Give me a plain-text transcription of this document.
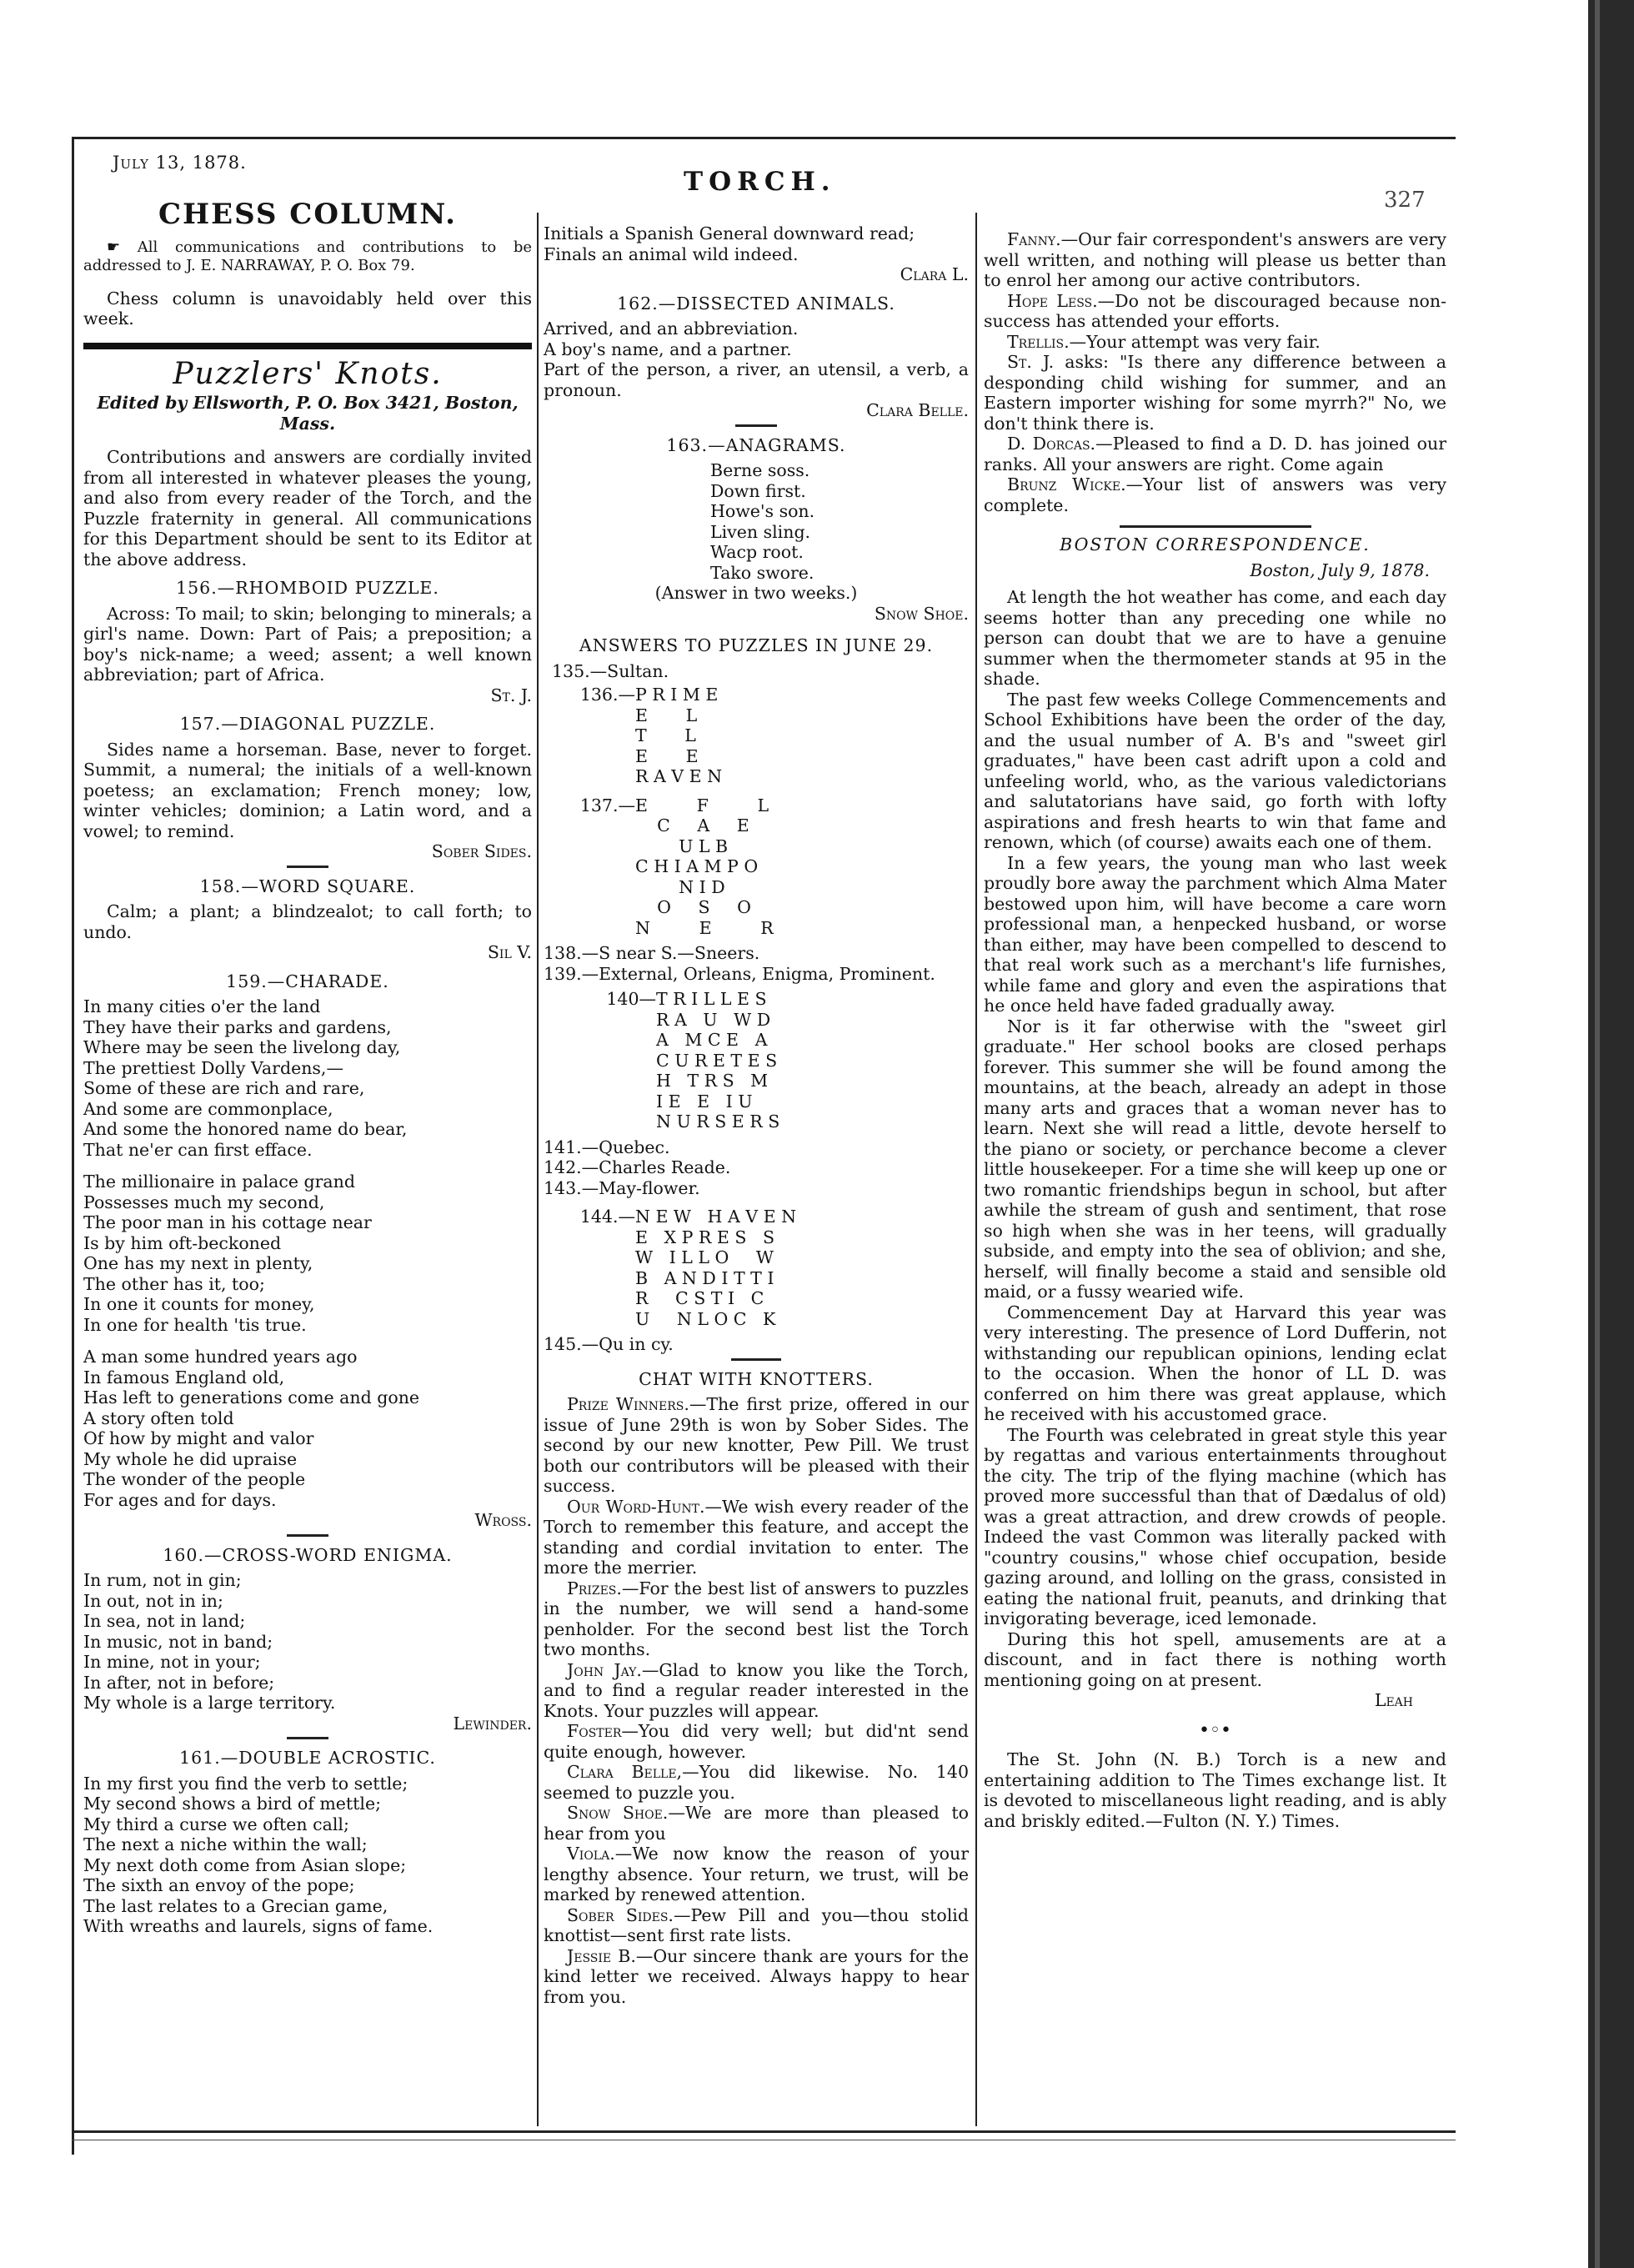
July 13, 1878.
TORCH.
327
CHESS COLUMN.

☛ All communications and contributions to be addressed to J. E. NARRAWAY, P. O. Box 79.

Chess column is unavoidably held over this week.

Puzzlers' Knots.

Edited by Ellsworth, P. O. Box 3421, Boston, Mass.

Contributions and answers are cordially invited from all interested in whatever pleases the young, and also from every reader of the Torch, and the Puzzle fraternity in general. All communications for this Department should be sent to its Editor at the above address.

156.—RHOMBOID PUZZLE.

Across: To mail; to skin; belonging to minerals; a girl's name. Down: Part of Pais; a preposition; a boy's nick-name; a weed; assent; a well known abbreviation; part of Africa.

St. J.

157.—DIAGONAL PUZZLE.

Sides name a horseman. Base, never to forget. Summit, a numeral; the initials of a well-known poetess; an exclamation; French money; low, winter vehicles; dominion; a Latin word, and a vowel; to remind.

Sober Sides.

158.—WORD SQUARE.

Calm; a plant; a blindzealot; to call forth; to undo.

Sil V.

159.—CHARADE.

In many cities o'er the land

They have their parks and gardens,

Where may be seen the livelong day,

The prettiest Dolly Vardens,—

Some of these are rich and rare,

And some are commonplace,

And some the honored name do bear,

That ne'er can first efface.

The millionaire in palace grand

Possesses much my second,

The poor man in his cottage near

Is by him oft-beckoned

One has my next in plenty,

The other has it, too;

In one it counts for money,

In one for health 'tis true.

A man some hundred years ago

In famous England old,

Has left to generations come and gone

A story often told

Of how by might and valor

My whole he did upraise

The wonder of the people

For ages and for days.

Wross.

160.—CROSS-WORD ENIGMA.

In rum, not in gin;

In out, not in in;

In sea, not in land;

In music, not in band;

In mine, not in your;

In after, not in before;

My whole is a large territory.

Lewinder.

161.—DOUBLE ACROSTIC.

In my first you find the verb to settle;

My second shows a bird of mettle;

My third a curse we often call;

The next a niche within the wall;

My next doth come from Asian slope;

The sixth an envoy of the pope;

The last relates to a Grecian game,

With wreaths and laurels, signs of fame.

Initials a Spanish General downward read;

Finals an animal wild indeed.

Clara L.

162.—DISSECTED ANIMALS.

Arrived, and an abbreviation.

A boy's name, and a partner.

Part of the person, a river, an utensil, a verb, a pronoun.

Clara Belle.

163.—ANAGRAMS.

Berne soss.

Down first.

Howe's son.

Liven sling.

Wacp root.

Tako swore.

(Answer in two weeks.)

Snow Shoe.

ANSWERS TO PUZZLES IN JUNE 29.

135.—Sultan.

136.— P R I M E
E       L
T       L
E       E
R A V E N
137.— E         F         L
C     A     E
U L B
C H I A M P O
N I D
O     S     O
N         E         R

138.—S near S.—Sneers.

139.—External, Orleans, Enigma, Prominent.

140— T R I L L E S
R A   U   W D
A   M C E   A
C U R E T E S
H   T R S   M
I E   E   I U
N U R S E R S

141.—Quebec.

142.—Charles Reade.

143.—May-flower.

144.— N E W   H A V E N
E   X P R E S   S
W   I L L O     W
B   A N D I T T I
R     C S T I   C
U     N L O C   K

145.—Qu in cy.

CHAT WITH KNOTTERS.

Prize Winners.—The first prize, offered in our issue of June 29th is won by Sober Sides. The second by our new knotter, Pew Pill. We trust both our contributors will be pleased with their success.

Our Word-Hunt.—We wish every reader of the Torch to remember this feature, and accept the standing and cordial invitation to enter. The more the merrier.

Prizes.—For the best list of answers to puzzles in the number, we will send a hand-some penholder. For the second best list the Torch two months.

John Jay.—Glad to know you like the Torch, and to find a regular reader interested in the Knots. Your puzzles will appear.

Foster—You did very well; but did'nt send quite enough, however.

Clara Belle,—You did likewise. No. 140 seemed to puzzle you.

Snow Shoe.—We are more than pleased to hear from you

Viola.—We now know the reason of your lengthy absence. Your return, we trust, will be marked by renewed attention.

Sober Sides.—Pew Pill and you—thou stolid knottist—sent first rate lists.

Jessie B.—Our sincere thank are yours for the kind letter we received. Always happy to hear from you.

Fanny.—Our fair correspondent's answers are very well written, and nothing will please us better than to enrol her among our active contributors.

Hope Less.—Do not be discouraged because non-success has attended your efforts.

Trellis.—Your attempt was very fair.

St. J. asks: "Is there any difference between a desponding child wishing for summer, and an Eastern importer wishing for some myrrh?" No, we don't think there is.

D. Dorcas.—Pleased to find a D. D. has joined our ranks. All your answers are right. Come again

Brunz Wicke.—Your list of answers was very complete.

BOSTON CORRESPONDENCE.

Boston, July 9, 1878.

At length the hot weather has come, and each day seems hotter than any preceding one while no person can doubt that we are to have a genuine summer when the thermometer stands at 95 in the shade.

The past few weeks College Commencements and School Exhibitions have been the order of the day, and the usual number of A. B's and "sweet girl graduates," have been cast adrift upon a cold and unfeeling world, who, as the various valedictorians and salutatorians have said, go forth with lofty aspirations and fresh hearts to win that fame and renown, which (of course) awaits each one of them.

In a few years, the young man who last week proudly bore away the parchment which Alma Mater bestowed upon him, will have become a care worn professional man, a henpecked husband, or worse than either, may have been compelled to descend to that real work such as a merchant's life furnishes, while fame and glory and even the aspirations that he once held have faded gradually away.

Nor is it far otherwise with the "sweet girl graduate." Her school books are closed perhaps forever. This summer she will be found among the mountains, at the beach, already an adept in those many arts and graces that a woman never has to learn. Next she will read a little, devote herself to the piano or society, or perchance become a clever little housekeeper. For a time she will keep up one or two romantic friendships begun in school, but after awhile the stream of gush and sentiment, that rose so high when she was in her teens, will gradually subside, and empty into the sea of oblivion; and she, herself, will finally become a staid and sensible old maid, or a fussy wearied wife.

Commencement Day at Harvard this year was very interesting. The presence of Lord Dufferin, not withstanding our republican opinions, lending eclat to the occasion. When the honor of LL D. was conferred on him there was great applause, which he received with his accustomed grace.

The Fourth was celebrated in great style this year by regattas and various entertainments throughout the city. The trip of the flying machine (which has proved more successful than that of Dædalus of old) was a great attraction, and drew crowds of people. Indeed the vast Common was literally packed with "country cousins," whose chief occupation, beside gazing around, and lolling on the grass, consisted in eating the national fruit, peanuts, and drinking that invigorating beverage, iced lemonade.

During this hot spell, amusements are at a discount, and in fact there is nothing worth mentioning going on at present.

Leah

•◦•

The St. John (N. B.) Torch is a new and entertaining addition to The Times exchange list. It is devoted to miscellaneous light reading, and is ably and briskly edited.—Fulton (N. Y.) Times.
